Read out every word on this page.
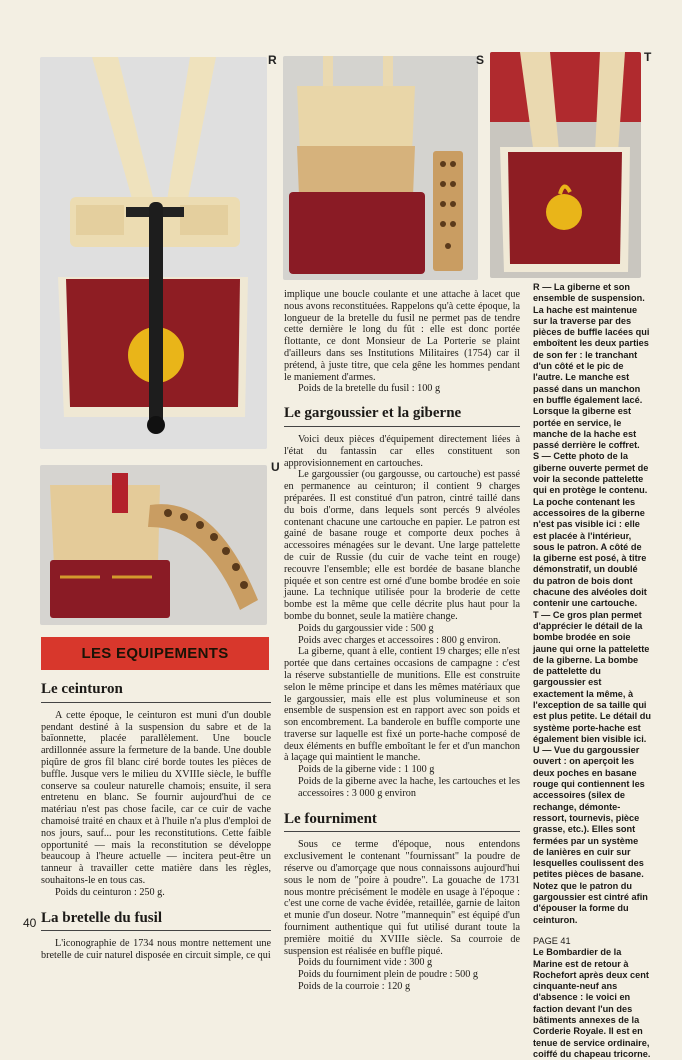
R	S	T
U
LES EQUIPEMENTS
Le ceinturon

A cette époque, le ceinturon est muni d'un double pendant destiné à la suspension du sabre et de la baïonnette, placée parallèlement. Une boucle ardillonnée assure la fermeture de la bande. Une double piqûre de gros fil blanc ciré borde toutes les pièces de buffle. Jusque vers le milieu du XVIIIe siècle, le buffle conserve sa couleur naturelle chamois; ensuite, il sera entretenu en blanc. Se fournir aujourd'hui de ce matériau n'est pas chose facile, car ce cuir de vache chamoisé traité en chaux et à l'huile n'a plus d'emploi de nos jours, sauf... pour les reconstitutions. Cette faible opportunité — mais la reconstitution se développe beaucoup à l'heure actuelle — incitera peut-être un tanneur à travailler cette matière dans les règles, souhaitons-le en tous cas.

Poids du ceinturon : 250 g.

La bretelle du fusil

L'iconographie de 1734 nous montre nettement une bretelle de cuir naturel disposée en circuit simple, ce qui

implique une boucle coulante et une attache à lacet que nous avons reconstituées. Rappelons qu'à cette époque, la longueur de la bretelle du fusil ne permet pas de tendre cette dernière le long du fût : elle est donc portée flottante, ce dont Monsieur de La Porterie se plaint d'ailleurs dans ses Institutions Militaires (1754) car il prétend, à juste titre, que cela gêne les hommes pendant le maniement d'armes.

Poids de la bretelle du fusil : 100 g

Le gargoussier et la giberne

Voici deux pièces d'équipement directement liées à l'état du fantassin car elles constituent son approvisionnement en cartouches.

Le gargoussier (ou gargousse, ou cartouche) est passé en permanence au ceinturon; il contient 9 charges préparées. Il est constitué d'un patron, cintré taillé dans du bois d'orme, dans lequels sont percés 9 alvéoles contenant chacune une cartouche en papier. Le patron est gainé de basane rouge et comporte deux poches à accessoires ménagées sur le devant. Une large pattelette de cuir de Russie (du cuir de vache teint en rouge) recouvre l'ensemble; elle est bordée de basane blanche piquée et son centre est orné d'une bombe brodée en soie jaune. La technique utilisée pour la broderie de cette bombe est la même que celle décrite plus haut pour la bombe du bonnet, seule la matière change.

Poids du gargoussier vide : 500 g

Poids avec charges et accessoires : 800 g environ.

La giberne, quant à elle, contient 19 charges; elle n'est portée que dans certaines occasions de campagne : c'est la réserve substantielle de munitions. Elle est construite selon le même principe et dans les mêmes matériaux que le gargoussier, mais elle est plus volumineuse et son ensemble de suspension est en rapport avec son poids et son encombrement. La banderole en buffle comporte une traverse sur laquelle est fixé un porte-hache composé de deux éléments en buffle emboîtant le fer et d'un manchon à laçage qui maintient le manche.

Poids de la giberne vide : 1 100 g

Poids de la giberne avec la hache, les cartouches et les accessoires : 3 000 g environ

Le fourniment

Sous ce terme d'époque, nous entendons exclusivement le contenant "fournissant" la poudre de réserve ou d'amorçage que nous connaissons aujourd'hui sous le nom de "poire à poudre". La gouache de 1731 nous montre précisément le modèle en usage à l'époque : c'est une corne de vache évidée, retaillée, garnie de laiton et munie d'un doseur. Notre "mannequin" est équipé d'un fourniment authentique qui fut utilisé durant toute la première moitié du XVIIIe siècle. Sa courroie de suspension est réalisée en buffle piqué.

Poids du fourniment vide : 300 g

Poids du fourniment plein de poudre : 500 g

Poids de la courroie : 120 g

R — La giberne et son ensemble de suspension. La hache est maintenue sur la traverse par des pièces de buffle lacées qui emboîtent les deux parties de son fer : le tranchant d'un côté et le pic de l'autre. Le manche est passé dans un manchon en buffle également lacé. Lorsque la giberne est portée en service, le manche de la hache est passé derrière le coffret.

S — Cette photo de la giberne ouverte permet de voir la seconde pattelette qui en protège le contenu. La poche contenant les accessoires de la giberne n'est pas visible ici : elle est placée à l'intérieur, sous le patron. A côté de la giberne est posé, à titre démonstratif, un doublé du patron de bois dont chacune des alvéoles doit contenir une cartouche.

T — Ce gros plan permet d'apprécier le détail de la bombe brodée en soie jaune qui orne la pattelette de la giberne. La bombe de pattelette du gargoussier est exactement la même, à l'exception de sa taille qui est plus petite. Le détail du système porte-hache est également bien visible ici.

U — Vue du gargoussier ouvert : on aperçoit les deux poches en basane rouge qui contiennent les accessoires (silex de rechange, démonte-ressort, tournevis, pièce grasse, etc.). Elles sont fermées par un système de lanières en cuir sur lesquelles coulissent des petites pièces de basane. Notez que le patron du gargoussier est cintré afin d'épouser la forme du ceinturon.

PAGE 41

Le Bombardier de la Marine est de retour à Rochefort après deux cent cinquante-neuf ans d'absence : le voici en faction devant l'un des bâtiments annexes de la Corderie Royale. Il est en tenue de service ordinaire, coiffé du chapeau tricorne.

40
